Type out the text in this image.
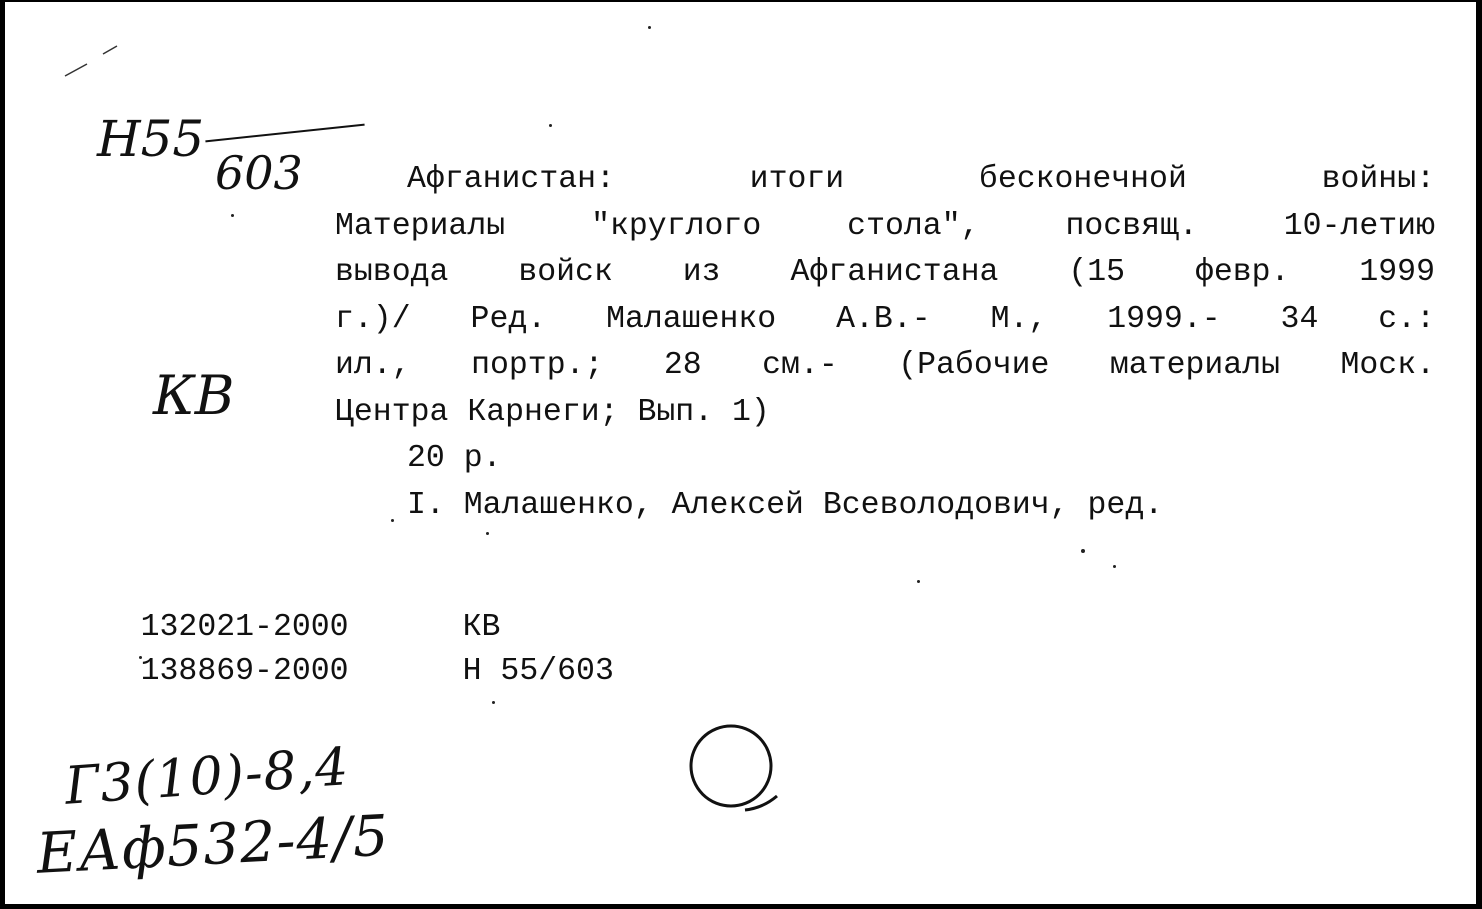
Н55
603
КВ
Афганистан: итоги бесконечной войны:
Материалы "круглого столa", посвящ. 10-летию
вывода войск из Афганистана (15 февр. 1999
г.)/ Ред. Малашенко А.В.- М., 1999.- 34 с.:
ил., портр.; 28 см.- (Рабочие материалы Моск.
Центра Карнеги; Вып. 1)
20 р.
I. Малашенко, Алексей Всеволодович, ред.

132021-2000	КВ

138869-2000	Н 55/603

Г3(10)-8,4
ЕАф532-4/5
